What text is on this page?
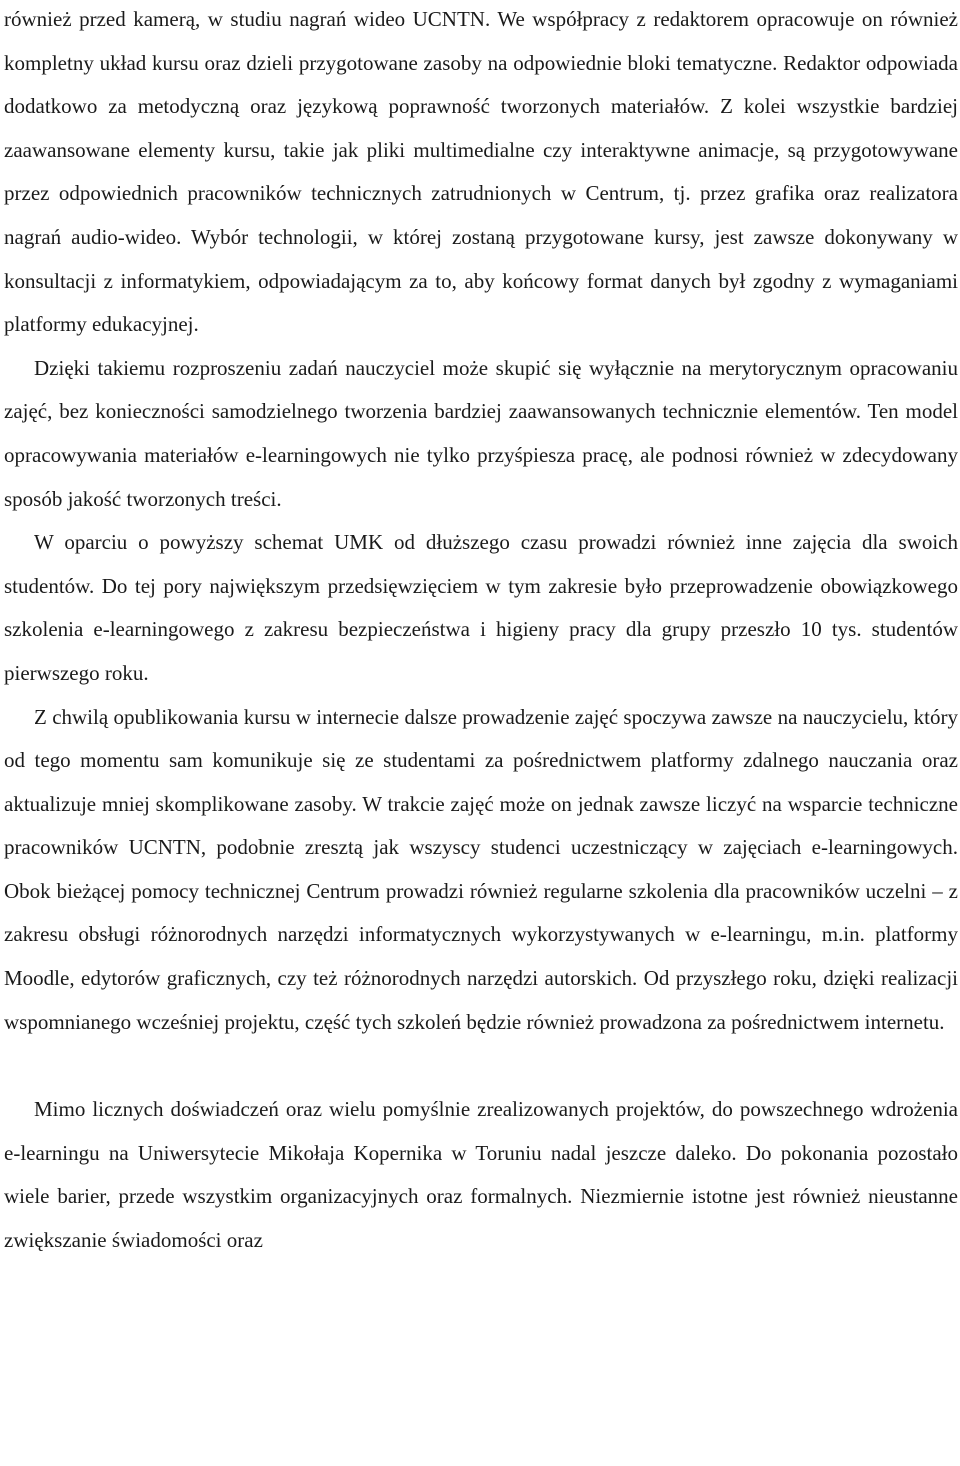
również przed kamerą, w studiu nagrań wideo UCNTN. We współpracy z redaktorem opracowuje on również kompletny układ kursu oraz dzieli przygotowane zasoby na odpowiednie bloki tematyczne. Redaktor odpowiada dodatkowo za metodyczną oraz językową poprawność tworzonych materiałów. Z kolei wszystkie bardziej zaawansowane elementy kursu, takie jak pliki multimedialne czy interaktywne animacje, są przygotowywane przez odpowiednich pracowników technicznych zatrudnionych w Centrum, tj. przez grafika oraz realizatora nagrań audio-wideo. Wybór technologii, w której zostaną przygotowane kursy, jest zawsze dokonywany w konsultacji z informatykiem, odpowiadającym za to, aby końcowy format danych był zgodny z wymaganiami platformy edukacyjnej.

Dzięki takiemu rozproszeniu zadań nauczyciel może skupić się wyłącznie na merytorycznym opracowaniu zajęć, bez konieczności samodzielnego tworzenia bardziej zaawansowanych technicznie elementów. Ten model opracowywania materiałów e-learningowych nie tylko przyśpiesza pracę, ale podnosi również w zdecydowany sposób jakość tworzonych treści.

W oparciu o powyższy schemat UMK od dłuższego czasu prowadzi również inne zajęcia dla swoich studentów. Do tej pory największym przedsięwzięciem w tym zakresie było przeprowadzenie obowiązkowego szkolenia e-learningowego z zakresu bezpieczeństwa i higieny pracy dla grupy przeszło 10 tys. studentów pierwszego roku.

Z chwilą opublikowania kursu w internecie dalsze prowadzenie zajęć spoczywa zawsze na nauczycielu, który od tego momentu sam komunikuje się ze studentami za pośrednictwem platformy zdalnego nauczania oraz aktualizuje mniej skomplikowane zasoby. W trakcie zajęć może on jednak zawsze liczyć na wsparcie techniczne pracowników UCNTN, podobnie zresztą jak wszyscy studenci uczestniczący w zajęciach e-learningowych. Obok bieżącej pomocy technicznej Centrum prowadzi również regularne szkolenia dla pracowników uczelni – z zakresu obsługi różnorodnych narzędzi informatycznych wykorzystywanych w e-learningu, m.in. platformy Moodle, edytorów graficznych, czy też różnorodnych narzędzi autorskich. Od przyszłego roku, dzięki realizacji wspomnianego wcześniej projektu, część tych szkoleń będzie również prowadzona za pośrednictwem internetu.

Mimo licznych doświadczeń oraz wielu pomyślnie zrealizowanych projektów, do powszechnego wdrożenia e-learningu na Uniwersytecie Mikołaja Kopernika w Toruniu nadal jeszcze daleko. Do pokonania pozostało wiele barier, przede wszystkim organizacyjnych oraz formalnych. Niezmiernie istotne jest również nieustanne zwiększanie świadomości oraz
